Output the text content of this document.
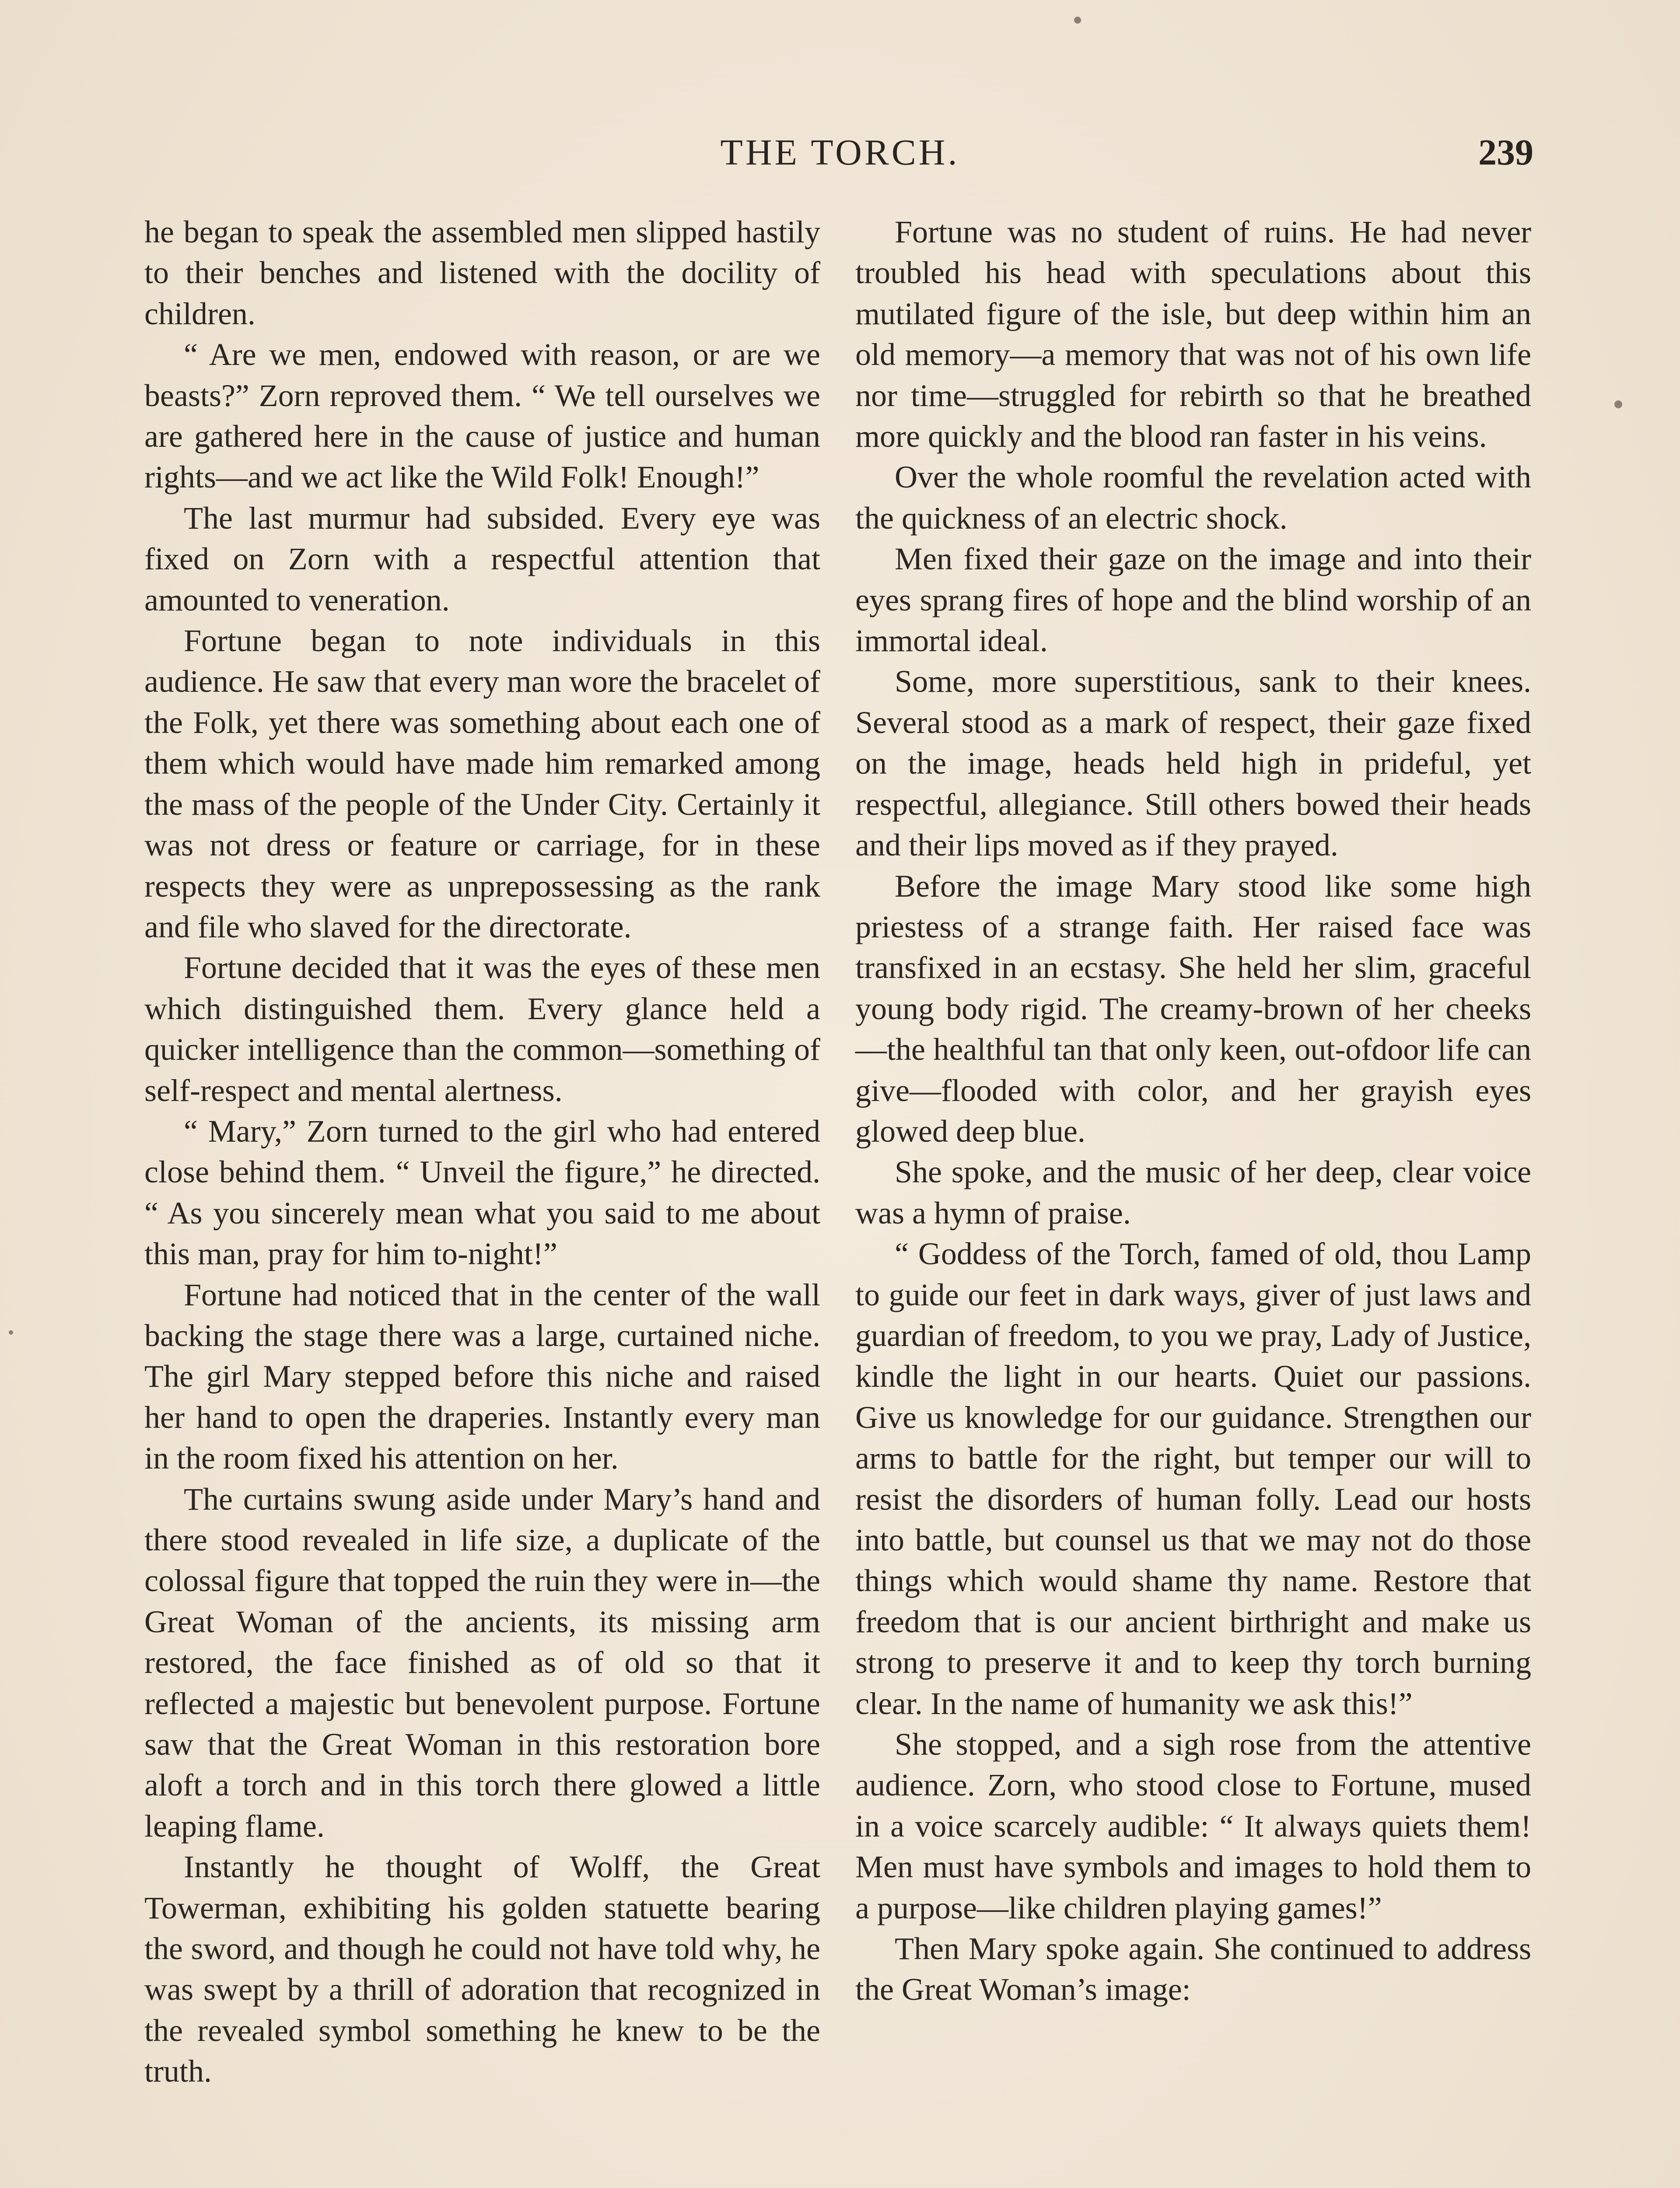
THE TORCH.	239

he began to speak the assembled men slipped hastily to their benches and listened with the docility of children.

“ Are we men, endowed with reason, or are we beasts?” Zorn reproved them. “ We tell ourselves we are gathered here in the cause of justice and human rights—and we act like the Wild Folk! Enough!”

The last murmur had subsided. Every eye was fixed on Zorn with a respectful attention that amounted to veneration.

Fortune began to note individuals in this audience. He saw that every man wore the bracelet of the Folk, yet there was something about each one of them which would have made him remarked among the mass of the people of the Under City. Certainly it was not dress or feature or carriage, for in these respects they were as unprepossessing as the rank and file who slaved for the directorate.

Fortune decided that it was the eyes of these men which distinguished them. Every glance held a quicker intelligence than the common—something of self-respect and mental alertness.

“ Mary,” Zorn turned to the girl who had entered close behind them. “ Unveil the figure,” he directed. “ As you sincerely mean what you said to me about this man, pray for him to-night!”

Fortune had noticed that in the center of the wall backing the stage there was a large, curtained niche. The girl Mary stepped before this niche and raised her hand to open the draperies. Instantly every man in the room fixed his attention on her.

The curtains swung aside under Mary’s hand and there stood revealed in life size, a duplicate of the colossal figure that topped the ruin they were in—the Great Woman of the ancients, its missing arm restored, the face finished as of old so that it reflected a majestic but benevolent purpose. Fortune saw that the Great Woman in this restoration bore aloft a torch and in this torch there glowed a little leaping flame.

Instantly he thought of Wolff, the Great Towerman, exhibiting his golden statuette bearing the sword, and though he could not have told why, he was swept by a thrill of adoration that recognized in the revealed symbol something he knew to be the truth.

Fortune was no student of ruins. He had never troubled his head with speculations about this mutilated figure of the isle, but deep within him an old memory—a memory that was not of his own life nor time—struggled for rebirth so that he breathed more quickly and the blood ran faster in his veins.

Over the whole roomful the revelation acted with the quickness of an electric shock.

Men fixed their gaze on the image and into their eyes sprang fires of hope and the blind worship of an immortal ideal.

Some, more superstitious, sank to their knees. Several stood as a mark of respect, their gaze fixed on the image, heads held high in prideful, yet respectful, allegiance. Still others bowed their heads and their lips moved as if they prayed.

Before the image Mary stood like some high priestess of a strange faith. Her raised face was transfixed in an ecstasy. She held her slim, graceful young body rigid. The creamy-brown of her cheeks—the healthful tan that only keen, out-ofdoor life can give—flooded with color, and her grayish eyes glowed deep blue.

She spoke, and the music of her deep, clear voice was a hymn of praise.

“ Goddess of the Torch, famed of old, thou Lamp to guide our feet in dark ways, giver of just laws and guardian of freedom, to you we pray, Lady of Justice, kindle the light in our hearts. Quiet our passions. Give us knowledge for our guidance. Strengthen our arms to battle for the right, but temper our will to resist the disorders of human folly. Lead our hosts into battle, but counsel us that we may not do those things which would shame thy name. Restore that freedom that is our ancient birthright and make us strong to preserve it and to keep thy torch burning clear. In the name of humanity we ask this!”

She stopped, and a sigh rose from the attentive audience. Zorn, who stood close to Fortune, mused in a voice scarcely audible: “ It always quiets them! Men must have symbols and images to hold them to a purpose—like children playing games!”

Then Mary spoke again. She continued to address the Great Woman’s image:
